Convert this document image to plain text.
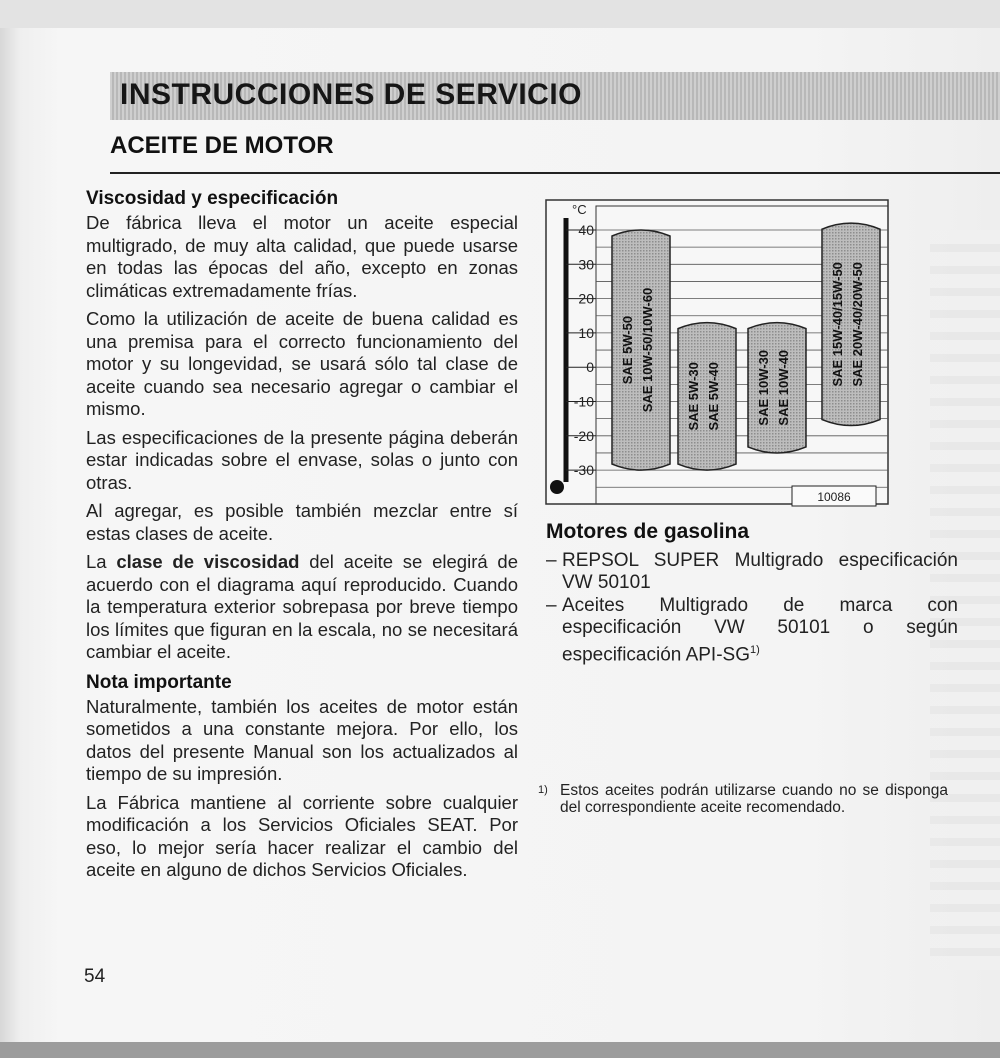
INSTRUCCIONES DE SERVICIO
ACEITE DE MOTOR

Viscosidad y especificación

De fábrica lleva el motor un aceite especial multigrado, de muy alta calidad, que puede usarse en todas las épocas del año, excepto en zonas climáticas extremadamente frías.

Como la utilización de aceite de buena calidad es una premisa para el correcto funcionamiento del motor y su longevidad, se usará sólo tal clase de aceite cuando sea necesario agregar o cambiar el mismo.

Las especificaciones de la presente página deberán estar indicadas sobre el envase, solas o junto con otras.

Al agregar, es posible también mezclar entre sí estas clases de aceite.

La clase de viscosidad del aceite se elegirá de acuerdo con el diagrama aquí reproducido. Cuando la temperatura exterior sobrepasa por breve tiempo los límites que figuran en la escala, no se necesitará cambiar el aceite.

Nota importante

Naturalmente, también los aceites de motor están sometidos a una constante mejora. Por ello, los datos del presente Manual son los actualizados al tiempo de su impresión.

La Fábrica mantiene al corriente sobre cualquier modificación a los Servicios Oficiales SEAT. Por eso, lo mejor sería hacer realizar el cambio del aceite en alguno de dichos Servicios Oficiales.

54
°C
40
30
20
10
0
-10
-20
-30
SAE 5W-50 SAE 10W-50/10W-60 SAE 5W-30 SAE 5W-40	SAE 10W-30 SAE 10W-40
SAE 15W-40/15W-50 SAE 20W-40/20W-50
10086

Motores de gasolina

– REPSOL SUPER Multigrado especificación VW 50101
– Aceites Multigrado de marca con especificación VW 50101 o según especificación API-SG$^{1)}$
1) Estos aceites podrán utilizarse cuando no se disponga del correspondiente aceite recomendado.
